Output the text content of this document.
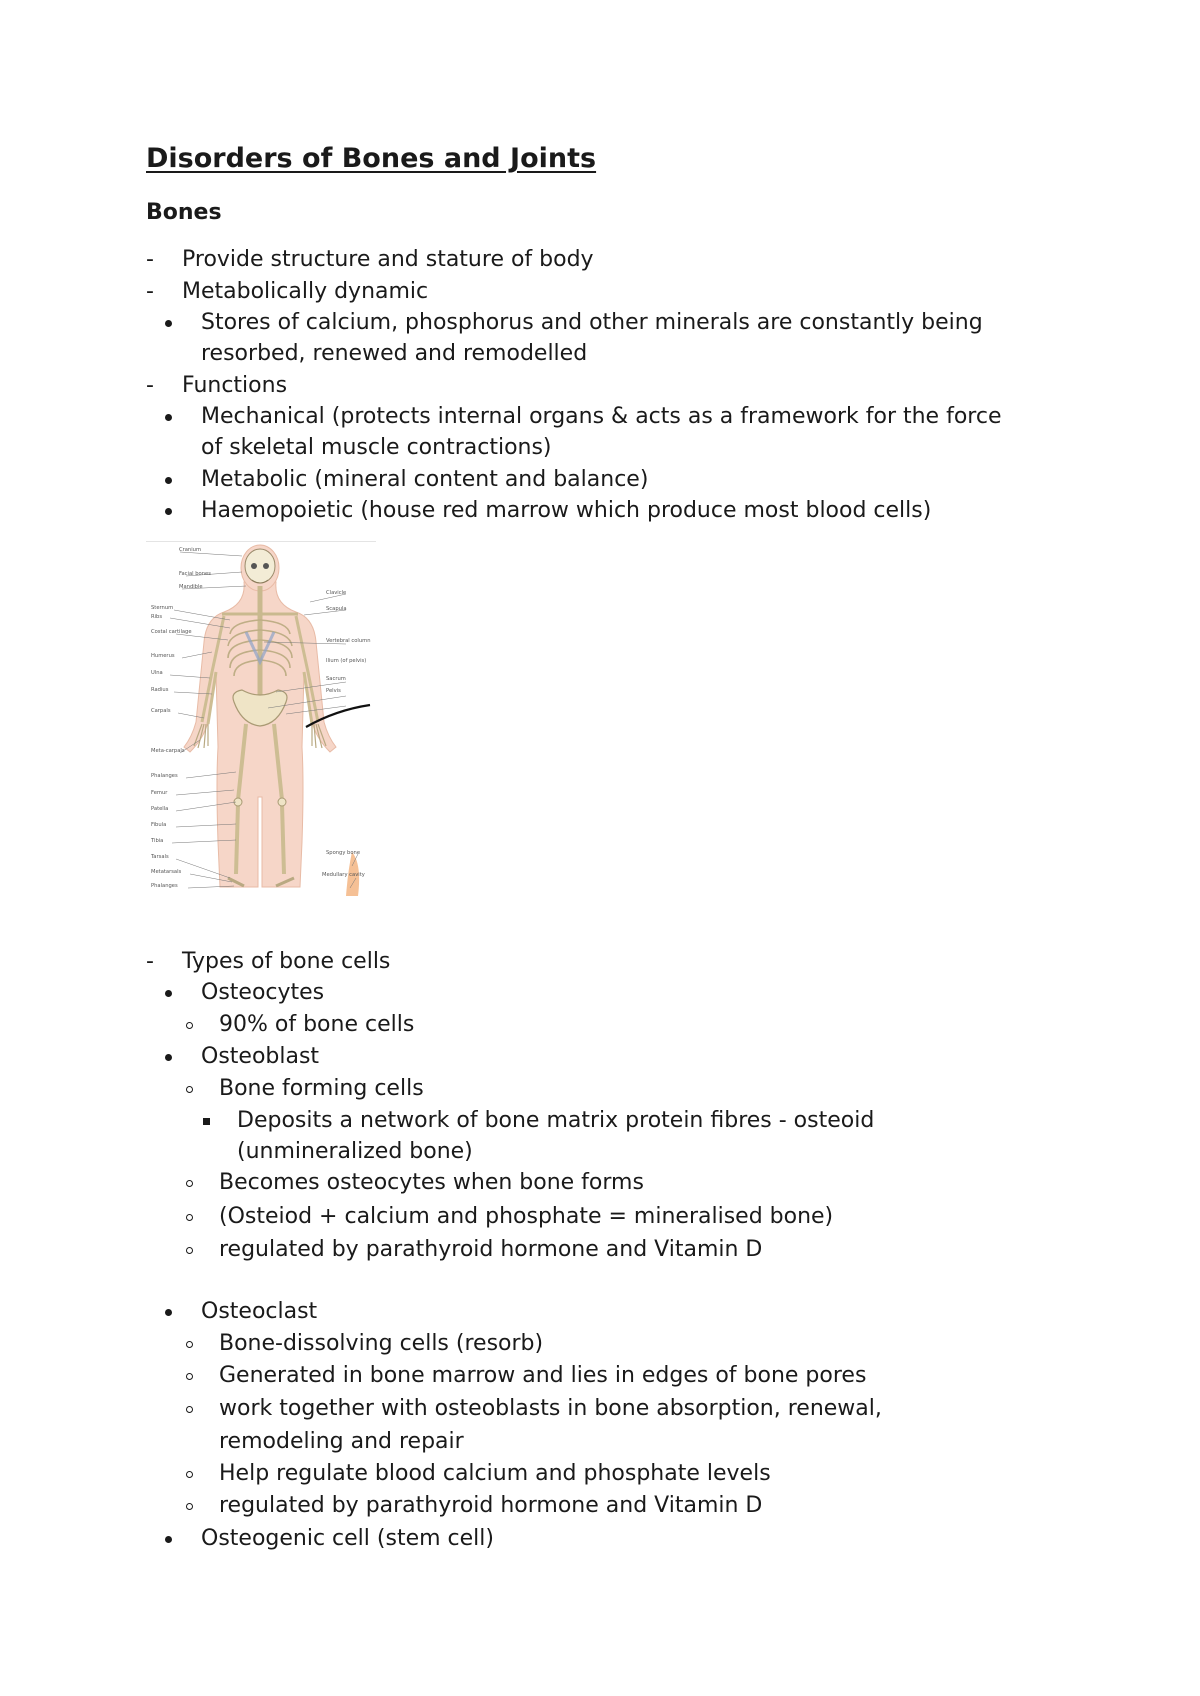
Disorders of Bones and Joints
Bones
- Provide structure and stature of body
- Metabolically dynamic
Stores of calcium, phosphorus and other minerals are constantly being
resorbed, renewed and remodelled
- Functions
Mechanical (protects internal organs & acts as a framework for the force
of skeletal muscle contractions)
Metabolic (mineral content and balance)
Haemopoietic (house red marrow which produce most blood cells)
Cranium
Facial bones
Mandible
Sternum
Ribs
Costal cartilage
Humerus
Ulna
Radius
Carpals
Meta-carpals
Phalanges
Femur
Patella
Fibula
Tibia
Tarsals
Metatarsals
Phalanges
Clavicle
Scapula
Vertebral column
Ilium (of pelvis)
Sacrum
Pelvis
Spongy bone
Medullary cavity
- Types of bone cells
Osteocytes
90% of bone cells
Osteoblast
Bone forming cells
Deposits a network of bone matrix protein fibres - osteoid
(unmineralized bone)
Becomes osteocytes when bone forms
(Osteiod + calcium and phosphate = mineralised bone)
regulated by parathyroid hormone and Vitamin D
Osteoclast
Bone-dissolving cells (resorb)
Generated in bone marrow and lies in edges of bone pores
work together with osteoblasts in bone absorption, renewal,
remodeling and repair
Help regulate blood calcium and phosphate levels
regulated by parathyroid hormone and Vitamin D
Osteogenic cell (stem cell)
